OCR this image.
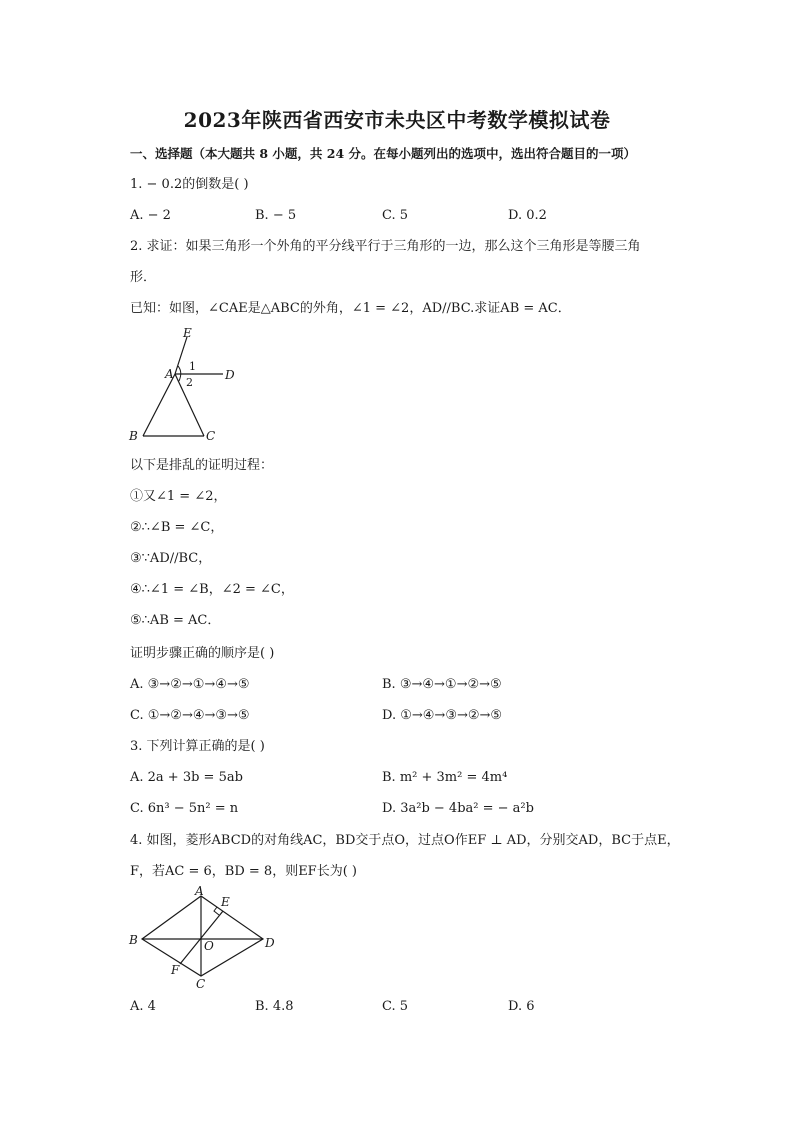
2023年陕西省西安市未央区中考数学模拟试卷
一、选择题（本大题共 8 小题，共 24 分。在每小题列出的选项中，选出符合题目的一项）
1. − 0.2的倒数是( )
A. − 2	B. − 5	C. 5	D. 0.2
2. 求证：如果三角形一个外角的平分线平行于三角形的一边，那么这个三角形是等腰三角
形．
已知：如图，∠CAE是△ABC的外角，∠1 = ∠2，AD//BC.求证AB = AC．
E
A	D
B	C
1
2
以下是排乱的证明过程：
①又∠1 = ∠2，
②∴∠B = ∠C，
③∵AD//BC，
④∴∠1 = ∠B，∠2 = ∠C，
⑤∴AB = AC．
证明步骤正确的顺序是( )
A. ③→②→①→④→⑤	B. ③→④→①→②→⑤
C. ①→②→④→③→⑤	D. ①→④→③→②→⑤
3. 下列计算正确的是( )
A. 2a + 3b = 5ab	B. m² + 3m² = 4m⁴
C. 6n³ − 5n² = n	D. 3a²b − 4ba² = − a²b
4. 如图，菱形ABCD的对角线AC，BD交于点O，过点O作EF ⊥ AD，分别交AD，BC于点E，
F，若AC = 6，BD = 8，则EF长为( )
A
E
B	O	D
F
C
A. 4	B. 4.8	C. 5	D. 6
